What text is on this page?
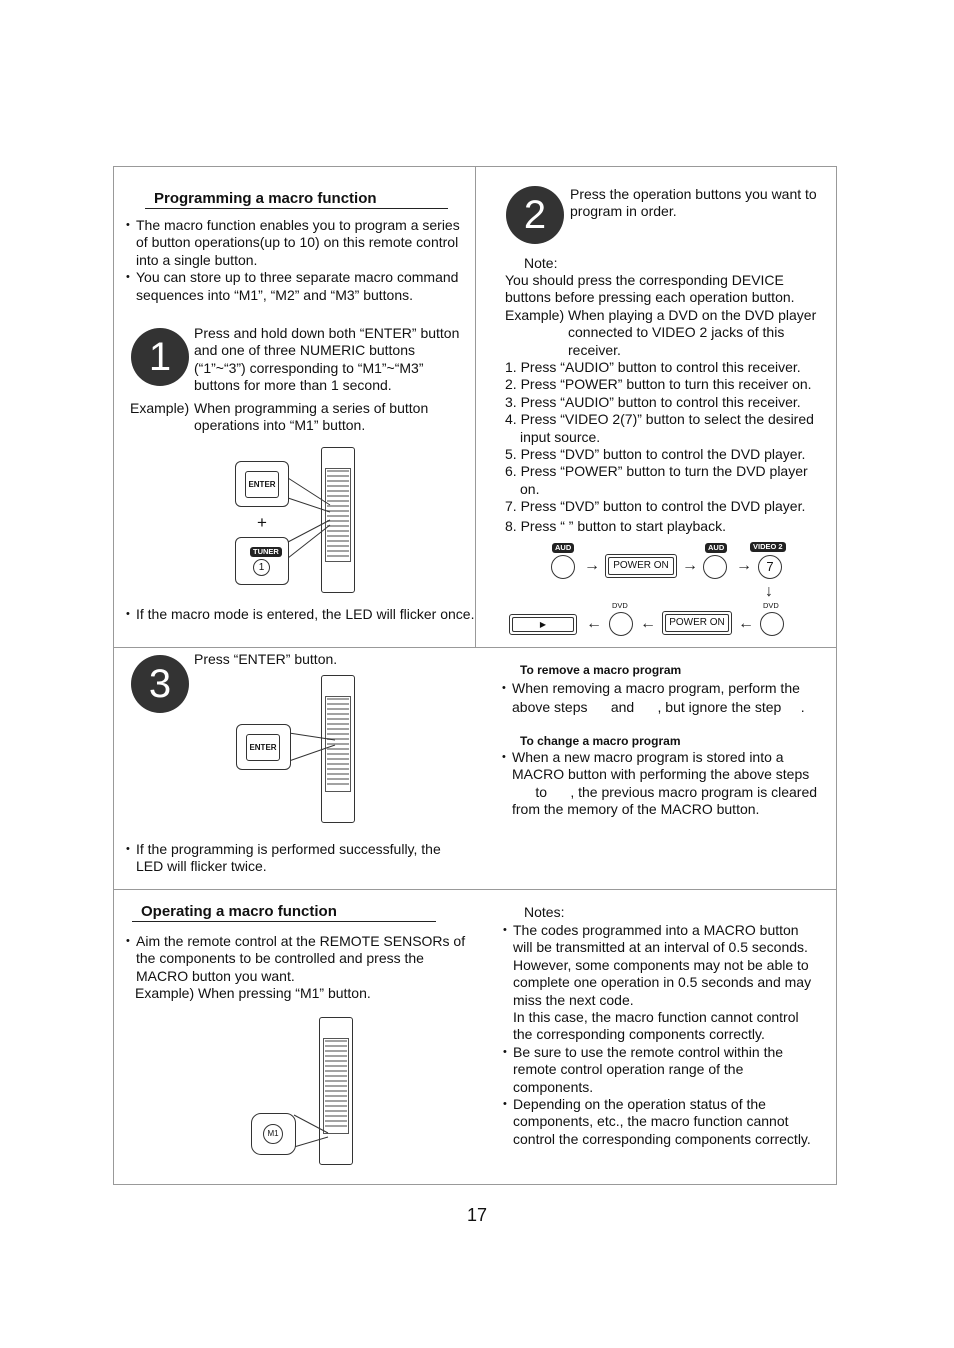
Programming a macro function
• The macro function enables you to program a series of button operations(up to 10) on this remote control into a single button.
• You can store up to three separate macro command sequences into “M1”, “M2” and “M3” buttons.
1
Press and hold down both “ENTER” button and one of three NUMERIC buttons (“1”~“3”) corresponding to “M1”~“M3” buttons for more than 1 second.
Example) When programming a series of button operations into “M1” button.
ENTER
+
TUNER
1
• If the macro mode is entered, the LED will flicker once.
2	Press the operation buttons you want to program in order.
Note:
You should press the corresponding DEVICE buttons before pressing each operation button.
Example) When playing a DVD on the DVD player connected to VIDEO 2 jacks of this receiver.
1. Press “AUDIO” button to control this receiver.
2. Press “POWER” button to turn this receiver on.
3. Press “AUDIO” button to control this receiver.
4. Press “VIDEO 2(7)” button to select the desired input source.
5. Press “DVD” button to control the DVD player.
6. Press “POWER” button to turn the DVD player on.
7. Press “DVD” button to control the DVD player.
8. Press “ ” button to start playback.
AUD
→	POWER ON →
AUD
→
VIDEO 2
7
↓
▶	←
DVD
←	POWER ON ←
DVD
3
Press “ENTER” button.
ENTER
• If the programming is performed successfully, the LED will flicker twice.
To remove a macro program
• When removing a macro program, perform the
above steps      and      , but ignore the step     .
To change a macro program
• When a new macro program is stored into a
MACRO button with performing the above steps
to      , the previous macro program is cleared
from the memory of the MACRO button.
Operating a macro function
• Aim the remote control at the REMOTE SENSORs of the components to be controlled and press the MACRO button you want.
Example) When pressing “M1” button.
M1
Notes:
• The codes programmed into a MACRO button will be transmitted at an interval of 0.5 seconds. However, some components may not be able to complete one operation in 0.5 seconds and may miss the next code.
In this case, the macro function cannot control the corresponding components correctly.
• Be sure to use the remote control within the remote control operation range of the components.
• Depending on the operation status of the components, etc., the macro function cannot control the corresponding components correctly.
17
